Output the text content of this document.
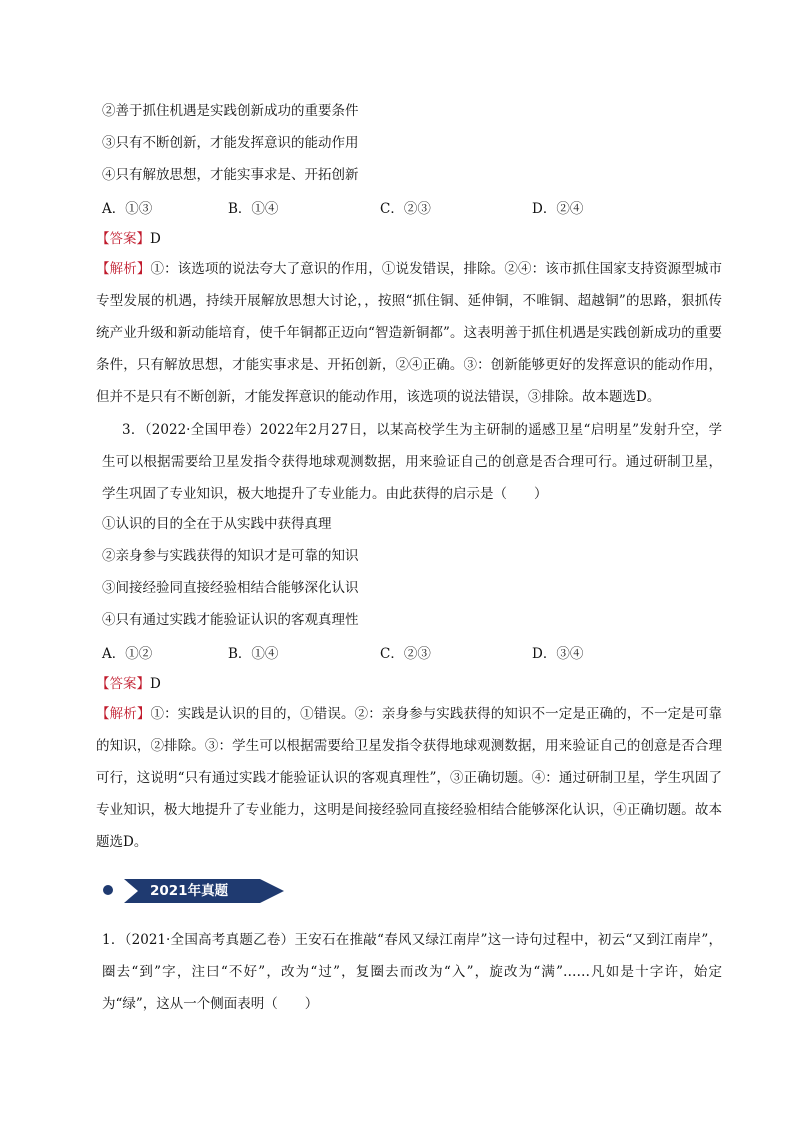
②善于抓住机遇是实践创新成功的重要条件
③只有不断创新，才能发挥意识的能动作用
④只有解放思想，才能实事求是、开拓创新
A．①③	B．①④	C．②③	D．②④
【答案】D
【解析】①：该选项的说法夸大了意识的作用，①说发错误，排除。②④：该市抓住国家支持资源型城市专型发展的机遇，持续开展解放思想大讨论，，按照“抓住铜、延伸铜，不唯铜、超越铜”的思路，狠抓传统产业升级和新动能培育，使千年铜都正迈向“智造新铜都”。这表明善于抓住机遇是实践创新成功的重要条件，只有解放思想，才能实事求是、开拓创新，②④正确。③：创新能够更好的发挥意识的能动作用，但并不是只有不断创新，才能发挥意识的能动作用，该选项的说法错误，③排除。故本题选D。
3．（2022·全国甲卷）2022年2月27日，以某高校学生为主研制的遥感卫星“启明星”发射升空，学生可以根据需要给卫星发指令获得地球观测数据，用来验证自己的创意是否合理可行。通过研制卫星，学生巩固了专业知识，极大地提升了专业能力。由此获得的启示是（　　）
①认识的目的全在于从实践中获得真理
②亲身参与实践获得的知识才是可靠的知识
③间接经验同直接经验相结合能够深化认识
④只有通过实践才能验证认识的客观真理性
A．①②	B．①④	C．②③	D．③④
【答案】D
【解析】①：实践是认识的目的，①错误。②：亲身参与实践获得的知识不一定是正确的，不一定是可靠的知识，②排除。③：学生可以根据需要给卫星发指令获得地球观测数据，用来验证自己的创意是否合理可行，这说明“只有通过实践才能验证认识的客观真理性”，③正确切题。④：通过研制卫星，学生巩固了专业知识，极大地提升了专业能力，这明是间接经验同直接经验相结合能够深化认识，④正确切题。故本题选D。
2021年真题
1．（2021·全国高考真题乙卷）王安石在推敲“春风又绿江南岸”这一诗句过程中，初云“又到江南岸”，圈去“到”字，注曰“不好”，改为“过”，复圈去而改为“入”，旋改为“满”……凡如是十字许，始定为“绿”，这从一个侧面表明（　　）
